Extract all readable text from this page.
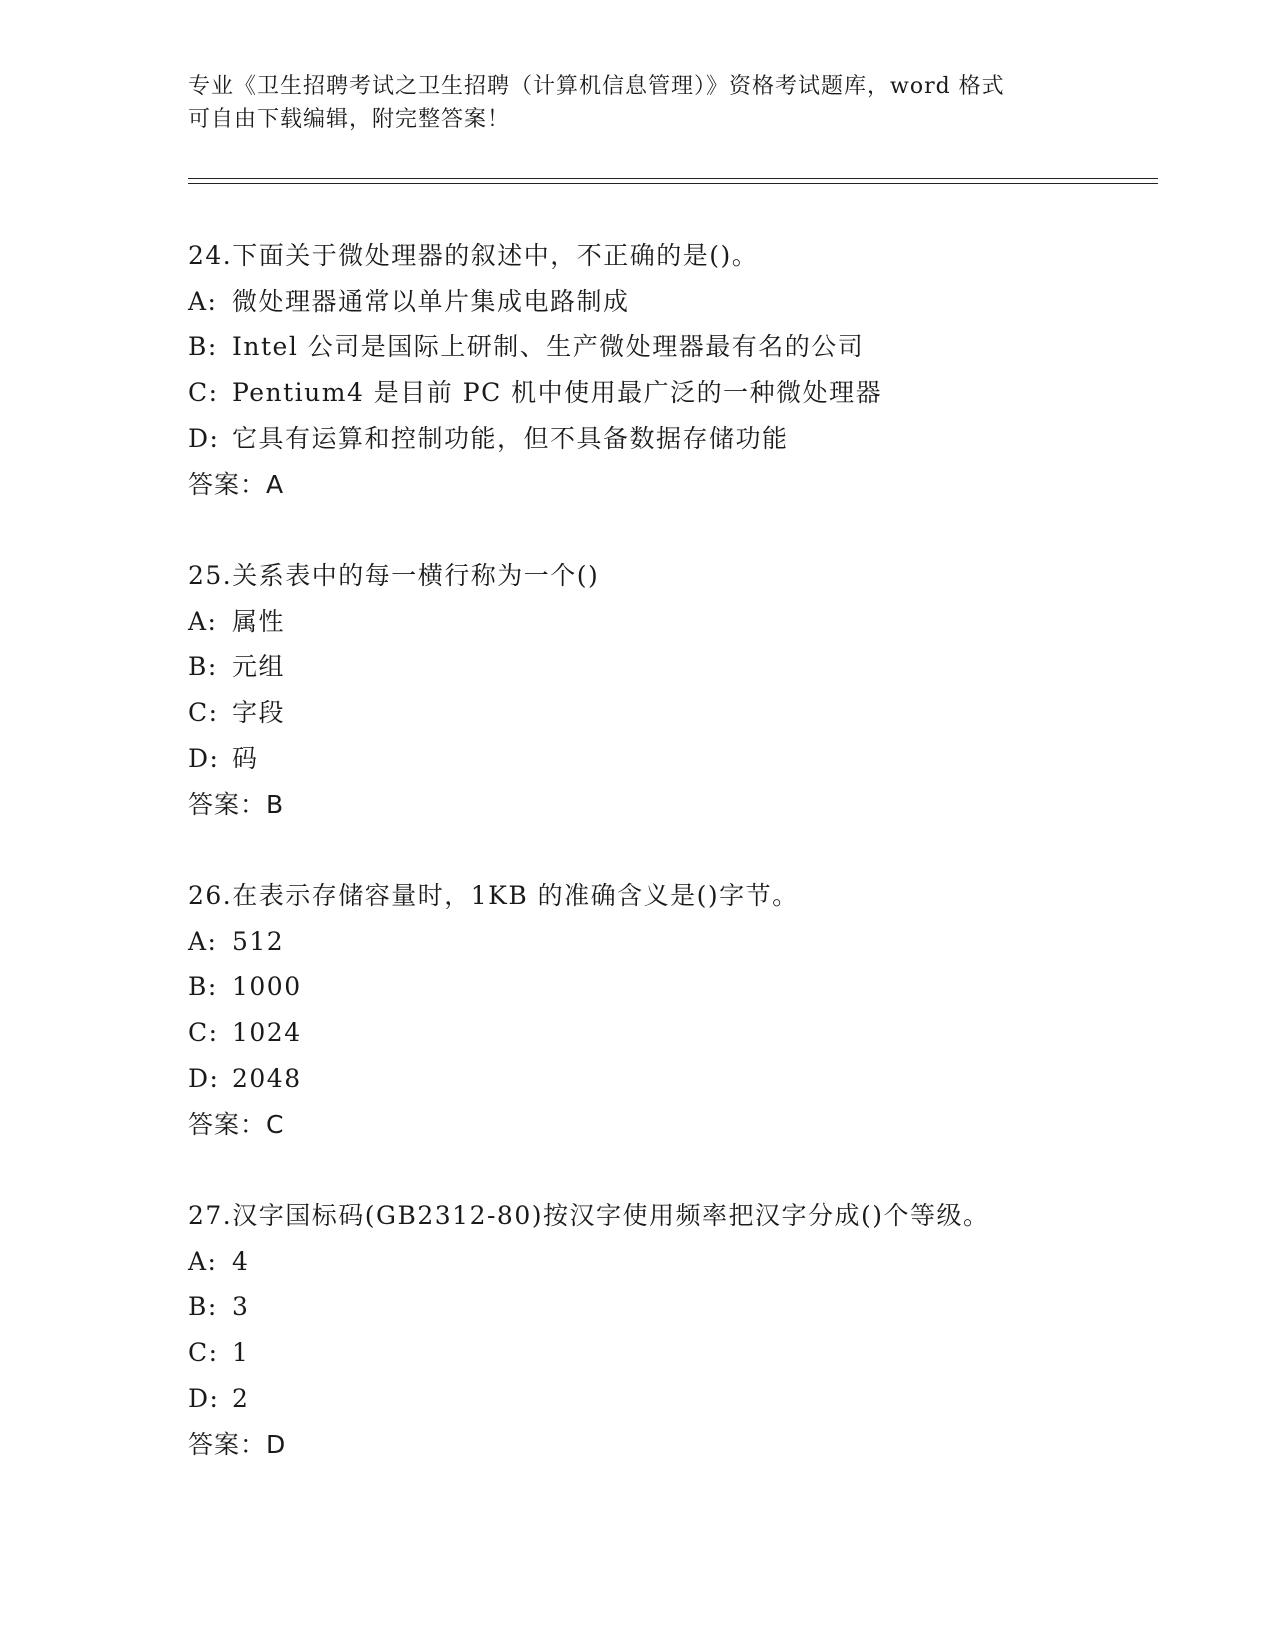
专业《卫生招聘考试之卫生招聘（计算机信息管理）》资格考试题库，word 格式
可自由下载编辑，附完整答案！
24.下面关于微处理器的叙述中，不正确的是()。
A: 微处理器通常以单片集成电路制成
B: Intel 公司是国际上研制、生产微处理器最有名的公司
C: Pentium4 是目前 PC 机中使用最广泛的一种微处理器
D: 它具有运算和控制功能，但不具备数据存储功能
答案：A
25.关系表中的每一横行称为一个()
A: 属性
B: 元组
C: 字段
D: 码
答案：B
26.在表示存储容量时，1KB 的准确含义是()字节。
A: 512
B: 1000
C: 1024
D: 2048
答案：C
27.汉字国标码(GB2312-80)按汉字使用频率把汉字分成()个等级。
A: 4
B: 3
C: 1
D: 2
答案：D
